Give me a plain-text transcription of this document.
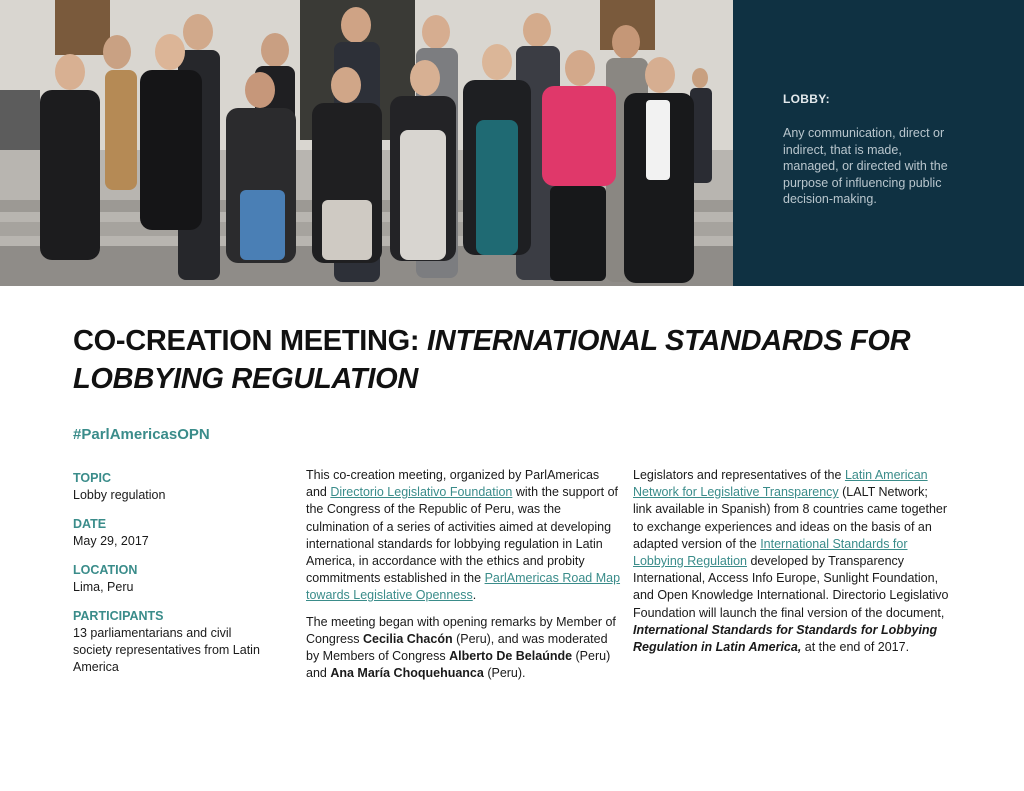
LOBBY:
Any communication, direct or indirect, that is made, managed, or directed with the purpose of influencing public decision-making.
CO-CREATION MEETING: INTERNATIONAL STANDARDS FOR LOBBYING REGULATION
#ParlAmericasOPN
TOPIC
Lobby regulation
DATE
May 29, 2017
LOCATION
Lima, Peru
PARTICIPANTS
13 parliamentarians and civil society representatives from Latin America

This co-creation meeting, organized by ParlAmericas and Directorio Legislativo Foundation with the support of the Congress of the Republic of Peru, was the culmination of a series of activities aimed at developing international standards for lobbying regulation in Latin America, in accordance with the ethics and probity commitments established in the ParlAmericas Road Map towards Legislative Openness.

The meeting began with opening remarks by Member of Congress Cecilia Chacón (Peru), and was moderated by Members of Congress Alberto De Belaúnde (Peru) and Ana María Choquehuanca (Peru).

Legislators and representatives of the Latin American Network for Legislative Transparency (LALT Network; link available in Spanish) from 8 countries came together to exchange experiences and ideas on the basis of an adapted version of the International Standards for Lobbying Regulation developed by Transparency International, Access Info Europe, Sunlight Foundation, and Open Knowledge International. Directorio Legislativo Foundation will launch the final version of the document, International Standards for Standards for Lobbying Regulation in Latin America, at the end of 2017.
